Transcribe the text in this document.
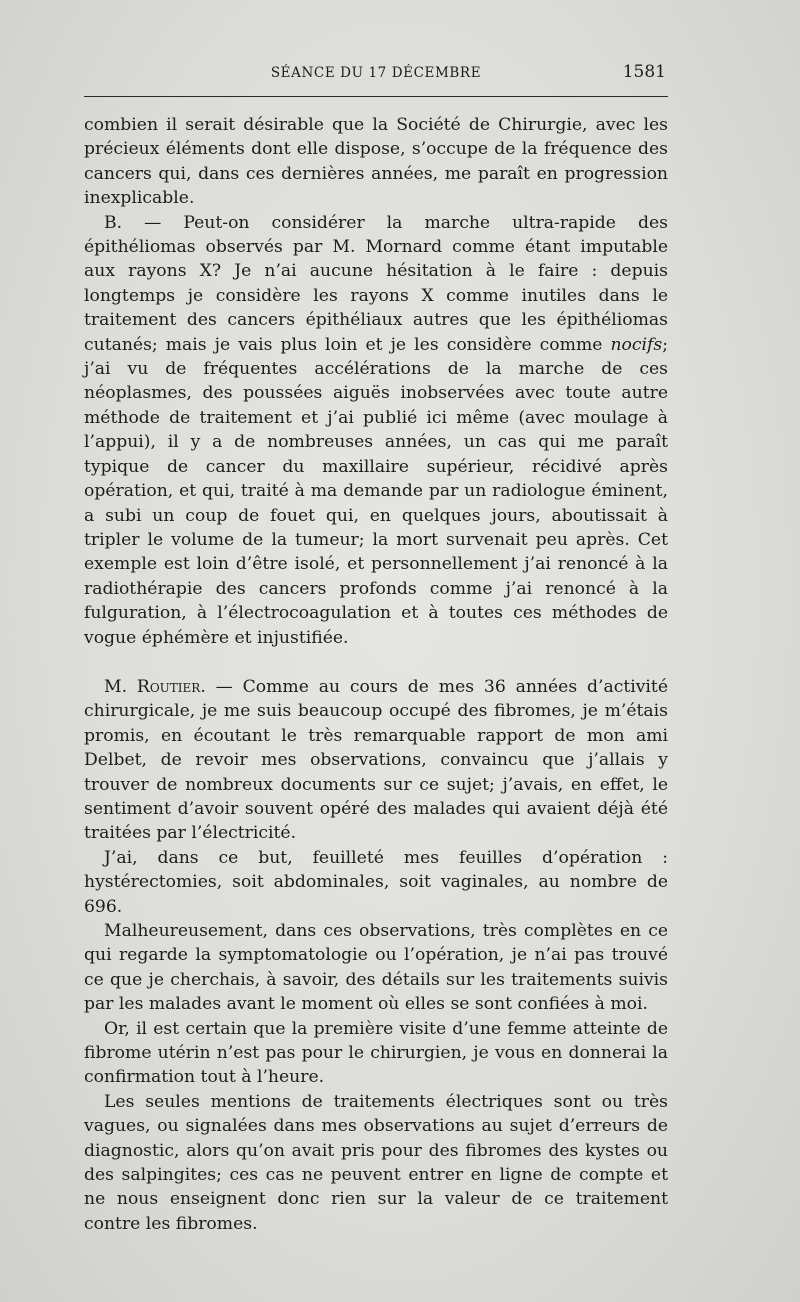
SÉANCE DU 17 DÉCEMBRE	1581

combien il serait désirable que la Société de Chirurgie, avec les précieux éléments dont elle dispose, s’occupe de la fréquence des cancers qui, dans ces dernières années, me paraît en progression inexplicable.

B. — Peut-on considérer la marche ultra-rapide des épithéliomas observés par M. Mornard comme étant imputable aux rayons X? Je n’ai aucune hésitation à le faire : depuis longtemps je considère les rayons X comme inutiles dans le traitement des cancers épithéliaux autres que les épithéliomas cutanés; mais je vais plus loin et je les considère comme nocifs; j’ai vu de fréquentes accélérations de la marche de ces néoplasmes, des poussées aiguës inobservées avec toute autre méthode de traitement et j’ai publié ici même (avec moulage à l’appui), il y a de nombreuses années, un cas qui me paraît typique de cancer du maxillaire supérieur, récidivé après opération, et qui, traité à ma demande par un radiologue éminent, a subi un coup de fouet qui, en quelques jours, aboutissait à tripler le volume de la tumeur; la mort survenait peu après. Cet exemple est loin d’être isolé, et personnellement j’ai renoncé à la radiothérapie des cancers profonds comme j’ai renoncé à la fulguration, à l’électrocoagulation et à toutes ces méthodes de vogue éphémère et injustifiée.

M. Routier. — Comme au cours de mes 36 années d’activité chirurgicale, je me suis beaucoup occupé des fibromes, je m’étais promis, en écoutant le très remarquable rapport de mon ami Delbet, de revoir mes observations, convaincu que j’allais y trouver de nombreux documents sur ce sujet; j’avais, en effet, le sentiment d’avoir souvent opéré des malades qui avaient déjà été traitées par l’électricité.

J’ai, dans ce but, feuilleté mes feuilles d’opération : hystérectomies, soit abdominales, soit vaginales, au nombre de 696.

Malheureusement, dans ces observations, très complètes en ce qui regarde la symptomatologie ou l’opération, je n’ai pas trouvé ce que je cherchais, à savoir, des détails sur les traitements suivis par les malades avant le moment où elles se sont confiées à moi.

Or, il est certain que la première visite d’une femme atteinte de fibrome utérin n’est pas pour le chirurgien, je vous en donnerai la confirmation tout à l’heure.

Les seules mentions de traitements électriques sont ou très vagues, ou signalées dans mes observations au sujet d’erreurs de diagnostic, alors qu’on avait pris pour des fibromes des kystes ou des salpingites; ces cas ne peuvent entrer en ligne de compte et ne nous enseignent donc rien sur la valeur de ce traitement contre les fibromes.
